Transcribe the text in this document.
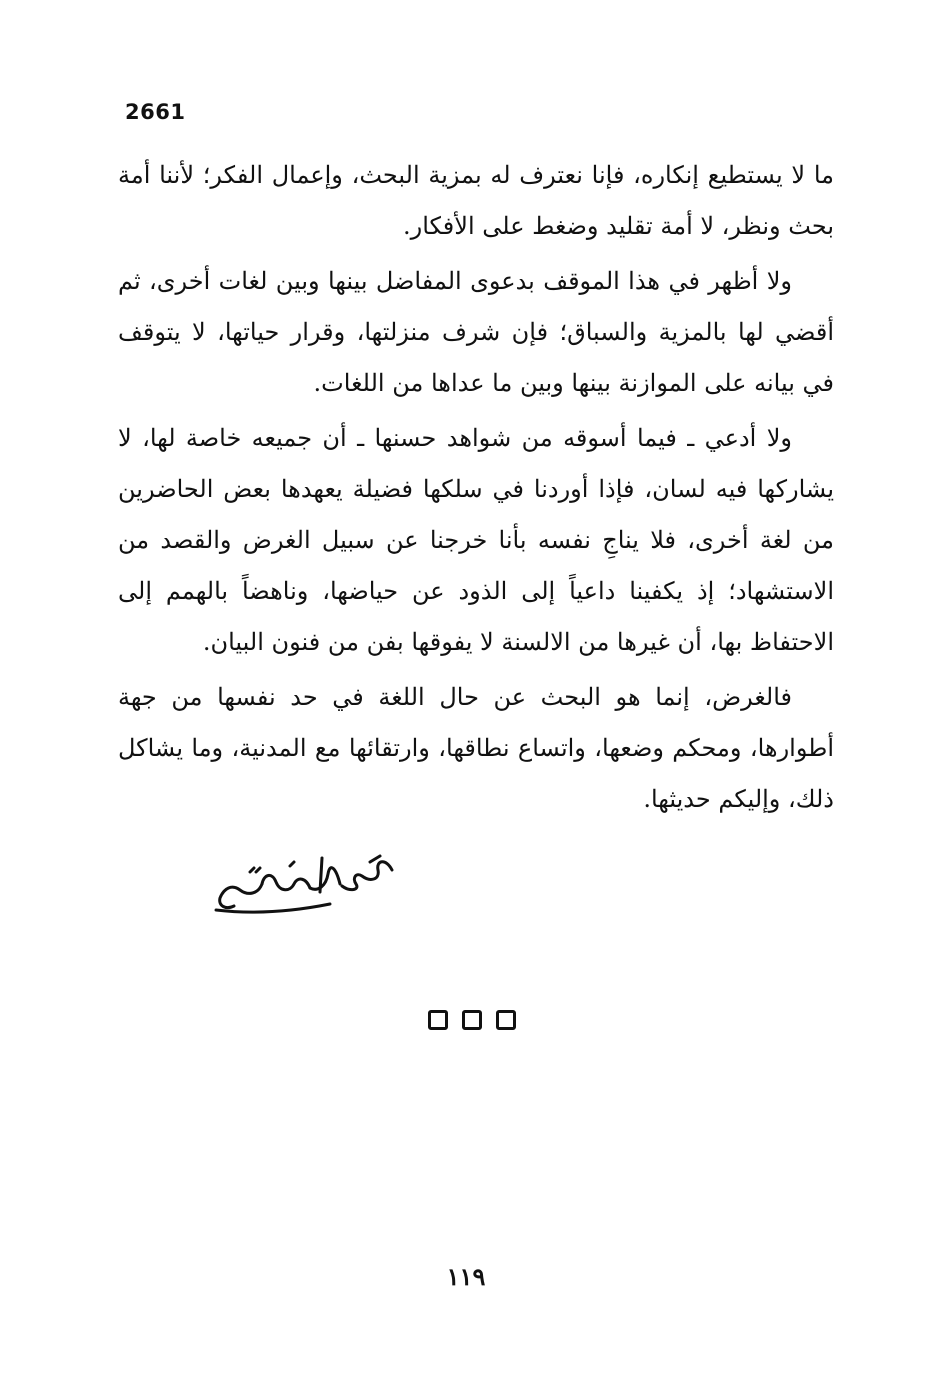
2661

ما لا يستطيع إنكاره، فإنا نعترف له بمزية البحث، وإعمال الفكر؛ لأننا أمة بحث ونظر، لا أمة تقليد وضغط على الأفكار.

ولا أظهر في هذا الموقف بدعوى المفاضل بينها وبين لغات أخرى، ثم أقضي لها بالمزية والسباق؛ فإن شرف منزلتها، وقرار حياتها، لا يتوقف في بيانه على الموازنة بينها وبين ما عداها من اللغات.

ولا أدعي ـ فيما أسوقه من شواهد حسنها ـ أن جميعه خاصة لها، لا يشاركها فيه لسان، فإذا أوردنا في سلكها فضيلة يعهدها بعض الحاضرين من لغة أخرى، فلا يناجِ نفسه بأنا خرجنا عن سبيل الغرض والقصد من الاستشهاد؛ إذ يكفينا داعياً إلى الذود عن حياضها، وناهضاً بالهمم إلى الاحتفاظ بها، أن غيرها من الالسنة لا يفوقها بفن من فنون البيان.

فالغرض، إنما هو البحث عن حال اللغة في حد نفسها من جهة أطوارها، ومحكم وضعها، واتساع نطاقها، وارتقائها مع المدنية، وما يشاكل ذلك، وإليكم حديثها.

١١٩
